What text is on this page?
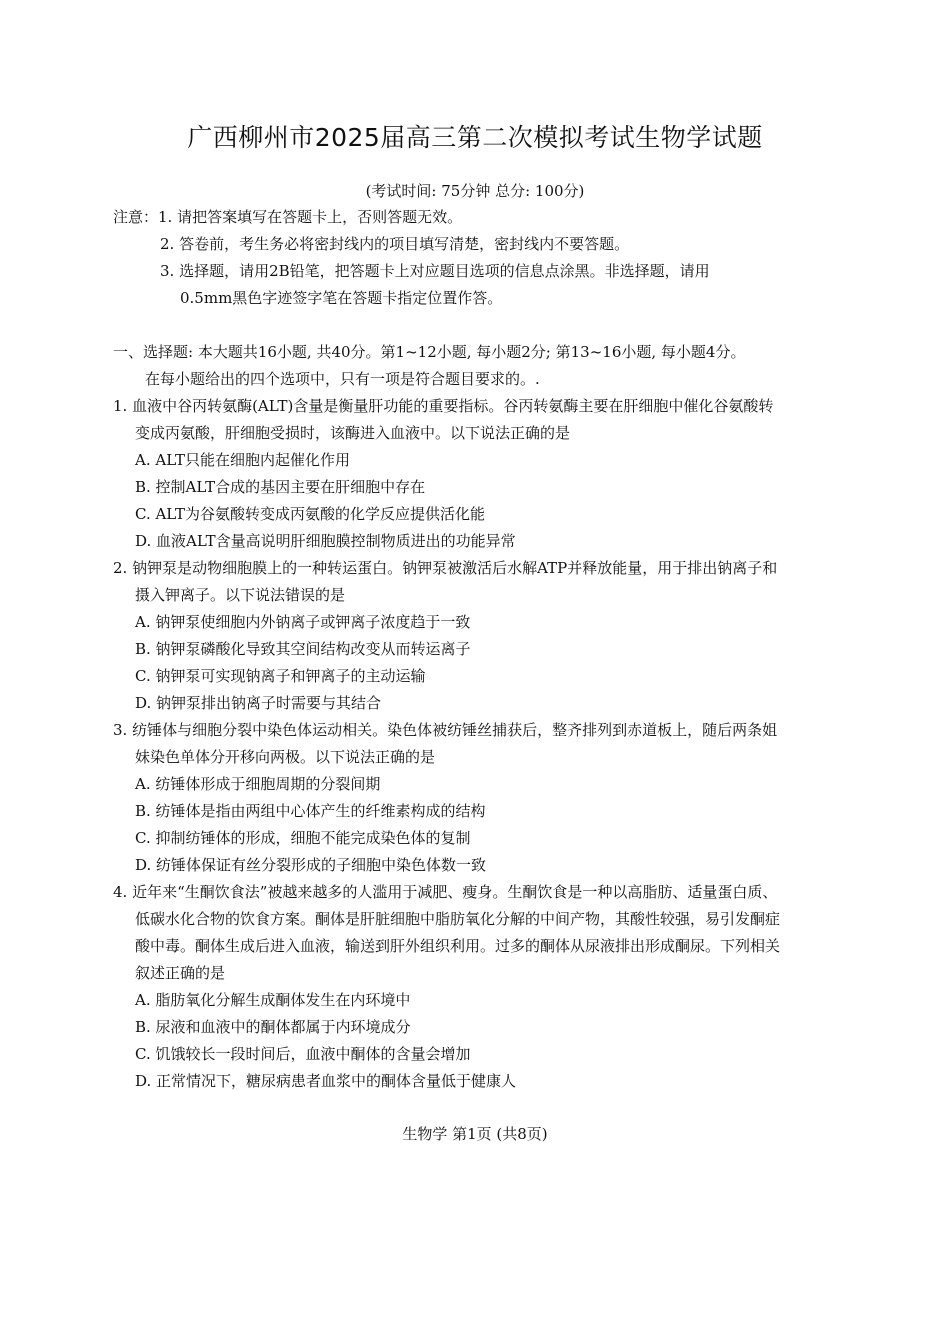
广西柳州市2025届高三第二次模拟考试生物学试题
(考试时间: 75分钟 总分: 100分)
注意：1. 请把答案填写在答题卡上，否则答题无效。
2. 答卷前，考生务必将密封线内的项目填写清楚，密封线内不要答题。
3. 选择题，请用2B铅笔，把答题卡上对应题目选项的信息点涂黑。非选择题，请用
0.5mm黑色字迹签字笔在答题卡指定位置作答。
一、选择题: 本大题共16小题, 共40分。第1~12小题, 每小题2分; 第13~16小题, 每小题4分。
在每小题给出的四个选项中，只有一项是符合题目要求的。.
1. 血液中谷丙转氨酶(ALT)含量是衡量肝功能的重要指标。谷丙转氨酶主要在肝细胞中催化谷氨酸转
变成丙氨酸，肝细胞受损时，该酶进入血液中。以下说法正确的是
A. ALT只能在细胞内起催化作用
B. 控制ALT合成的基因主要在肝细胞中存在
C. ALT为谷氨酸转变成丙氨酸的化学反应提供活化能
D. 血液ALT含量高说明肝细胞膜控制物质进出的功能异常
2. 钠钾泵是动物细胞膜上的一种转运蛋白。钠钾泵被激活后水解ATP并释放能量，用于排出钠离子和
摄入钾离子。以下说法错误的是
A. 钠钾泵使细胞内外钠离子或钾离子浓度趋于一致
B. 钠钾泵磷酸化导致其空间结构改变从而转运离子
C. 钠钾泵可实现钠离子和钾离子的主动运输
D. 钠钾泵排出钠离子时需要与其结合
3. 纺锤体与细胞分裂中染色体运动相关。染色体被纺锤丝捕获后，整齐排列到赤道板上，随后两条姐
妹染色单体分开移向两极。以下说法正确的是
A. 纺锤体形成于细胞周期的分裂间期
B. 纺锤体是指由两组中心体产生的纤维素构成的结构
C. 抑制纺锤体的形成，细胞不能完成染色体的复制
D. 纺锤体保证有丝分裂形成的子细胞中染色体数一致
4. 近年来“生酮饮食法”被越来越多的人滥用于减肥、瘦身。生酮饮食是一种以高脂肪、适量蛋白质、
低碳水化合物的饮食方案。酮体是肝脏细胞中脂肪氧化分解的中间产物，其酸性较强，易引发酮症
酸中毒。酮体生成后进入血液，输送到肝外组织利用。过多的酮体从尿液排出形成酮尿。下列相关
叙述正确的是
A. 脂肪氧化分解生成酮体发生在内环境中
B. 尿液和血液中的酮体都属于内环境成分
C. 饥饿较长一段时间后，血液中酮体的含量会增加
D. 正常情况下，糖尿病患者血浆中的酮体含量低于健康人
生物学 第1页 (共8页)
